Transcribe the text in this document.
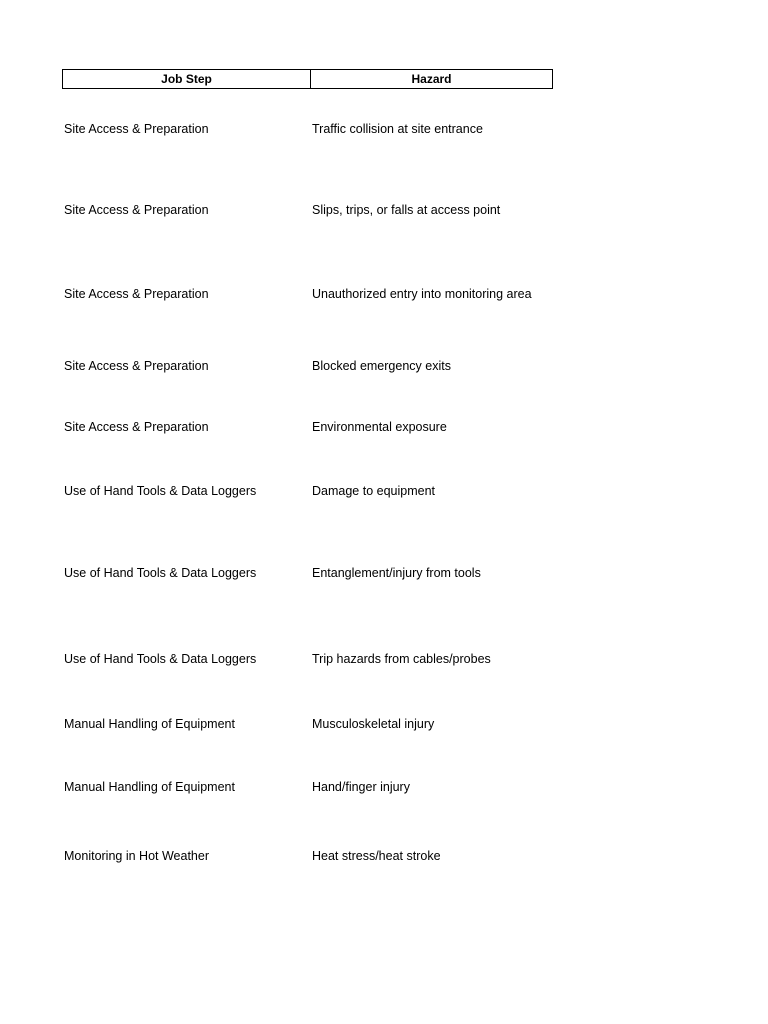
Job Step	Hazard
Site Access & Preparation	Traffic collision at site entrance
Site Access & Preparation	Slips, trips, or falls at access point
Site Access & Preparation	Unauthorized entry into monitoring area
Site Access & Preparation	Blocked emergency exits
Site Access & Preparation	Environmental exposure
Use of Hand Tools & Data Loggers	Damage to equipment
Use of Hand Tools & Data Loggers	Entanglement/injury from tools
Use of Hand Tools & Data Loggers	Trip hazards from cables/probes
Manual Handling of Equipment	Musculoskeletal injury
Manual Handling of Equipment	Hand/finger injury
Monitoring in Hot Weather	Heat stress/heat stroke
